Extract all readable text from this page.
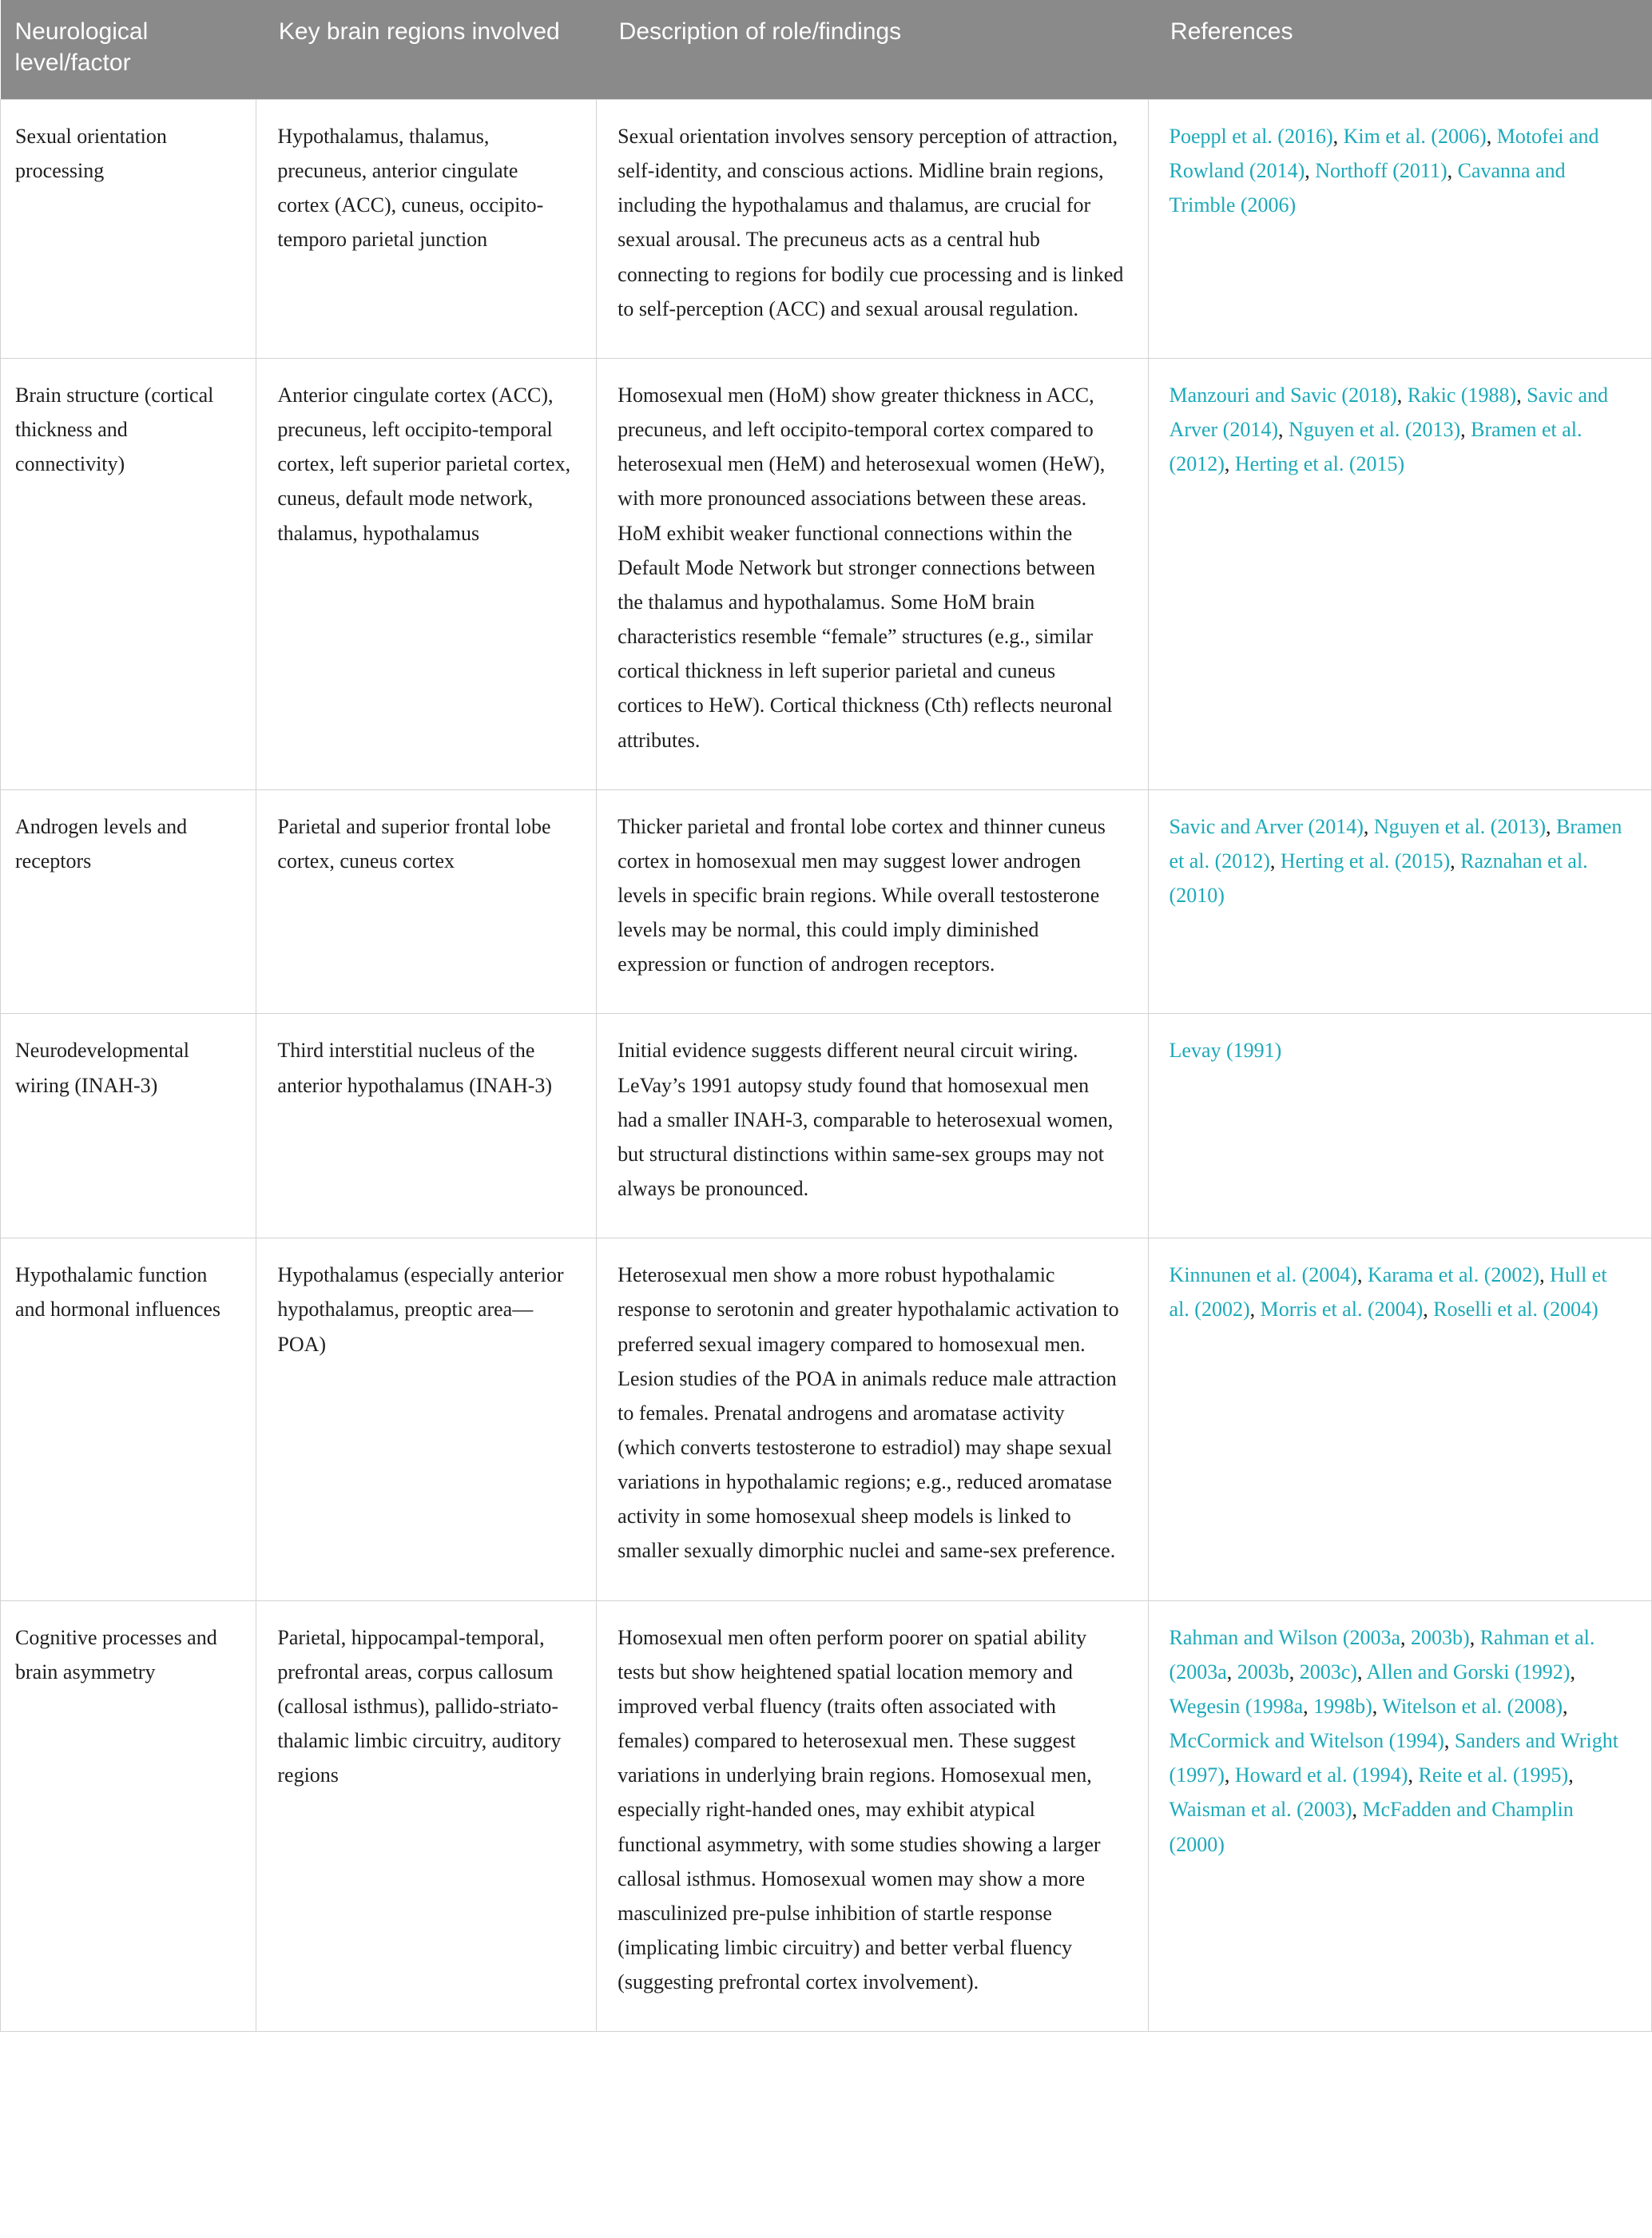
Neurological level/factor	Key brain regions involved	Description of role/findings	References
Sexual orientation processing	Hypothalamus, thalamus, precuneus, anterior cingulate cortex (ACC), cuneus, occipito-temporo parietal junction	Sexual orientation involves sensory perception of attraction, self-identity, and conscious actions. Midline brain regions, including the hypothalamus and thalamus, are crucial for sexual arousal. The precuneus acts as a central hub connecting to regions for bodily cue processing and is linked to self-perception (ACC) and sexual arousal regulation.	Poeppl et al. (2016), Kim et al. (2006), Motofei and Rowland (2014), Northoff (2011), Cavanna and Trimble (2006)
Brain structure (cortical thickness and connectivity)	Anterior cingulate cortex (ACC), precuneus, left occipito-temporal cortex, left superior parietal cortex, cuneus, default mode network, thalamus, hypothalamus	Homosexual men (HoM) show greater thickness in ACC, precuneus, and left occipito-temporal cortex compared to heterosexual men (HeM) and heterosexual women (HeW), with more pronounced associations between these areas. HoM exhibit weaker functional connections within the Default Mode Network but stronger connections between the thalamus and hypothalamus. Some HoM brain characteristics resemble “female” structures (e.g., similar cortical thickness in left superior parietal and cuneus cortices to HeW). Cortical thickness (Cth) reflects neuronal attributes.	Manzouri and Savic (2018), Rakic (1988), Savic and Arver (2014), Nguyen et al. (2013), Bramen et al. (2012), Herting et al. (2015)
Androgen levels and receptors	Parietal and superior frontal lobe cortex, cuneus cortex	Thicker parietal and frontal lobe cortex and thinner cuneus cortex in homosexual men may suggest lower androgen levels in specific brain regions. While overall testosterone levels may be normal, this could imply diminished expression or function of androgen receptors.	Savic and Arver (2014), Nguyen et al. (2013), Bramen et al. (2012), Herting et al. (2015), Raznahan et al. (2010)
Neurodevelopmental wiring (INAH-3)	Third interstitial nucleus of the anterior hypothalamus (INAH-3)	Initial evidence suggests different neural circuit wiring. LeVay’s 1991 autopsy study found that homosexual men had a smaller INAH-3, comparable to heterosexual women, but structural distinctions within same-sex groups may not always be pronounced.	Levay (1991)
Hypothalamic function and hormonal influences	Hypothalamus (especially anterior hypothalamus, preoptic area—POA)	Heterosexual men show a more robust hypothalamic response to serotonin and greater hypothalamic activation to preferred sexual imagery compared to homosexual men. Lesion studies of the POA in animals reduce male attraction to females. Prenatal androgens and aromatase activity (which converts testosterone to estradiol) may shape sexual variations in hypothalamic regions; e.g., reduced aromatase activity in some homosexual sheep models is linked to smaller sexually dimorphic nuclei and same-sex preference.	Kinnunen et al. (2004), Karama et al. (2002), Hull et al. (2002), Morris et al. (2004), Roselli et al. (2004)
Cognitive processes and brain asymmetry	Parietal, hippocampal-temporal, prefrontal areas, corpus callosum (callosal isthmus), pallido-striato-thalamic limbic circuitry, auditory regions	Homosexual men often perform poorer on spatial ability tests but show heightened spatial location memory and improved verbal fluency (traits often associated with females) compared to heterosexual men. These suggest variations in underlying brain regions. Homosexual men, especially right-handed ones, may exhibit atypical functional asymmetry, with some studies showing a larger callosal isthmus. Homosexual women may show a more masculinized pre-pulse inhibition of startle response (implicating limbic circuitry) and better verbal fluency (suggesting prefrontal cortex involvement).	Rahman and Wilson (2003a, 2003b), Rahman et al. (2003a, 2003b, 2003c), Allen and Gorski (1992), Wegesin (1998a, 1998b), Witelson et al. (2008), McCormick and Witelson (1994), Sanders and Wright (1997), Howard et al. (1994), Reite et al. (1995), Waisman et al. (2003), McFadden and Champlin (2000)
